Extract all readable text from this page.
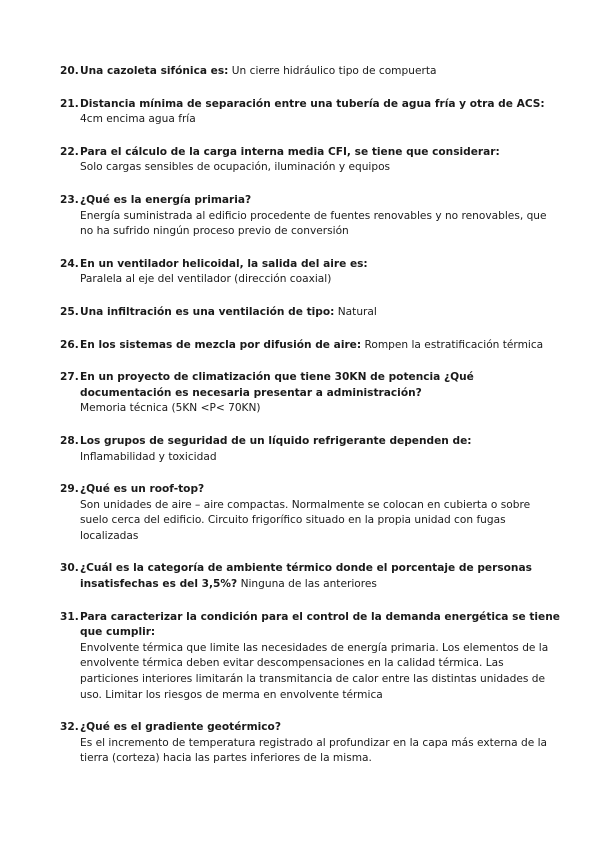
20. Una cazoleta sifónica es: Un cierre hidráulico tipo de compuerta
21. Distancia mínima de separación entre una tubería de agua fría y otra de ACS:
4cm encima agua fría
22. Para el cálculo de la carga interna media CFI, se tiene que considerar:
Solo cargas sensibles de ocupación, iluminación y equipos
23. ¿Qué es la energía primaria?
Energía suministrada al edificio procedente de fuentes renovables y no renovables, que no ha sufrido ningún proceso previo de conversión
24. En un ventilador helicoidal, la salida del aire es:
Paralela al eje del ventilador (dirección coaxial)
25. Una infiltración es una ventilación de tipo: Natural
26. En los sistemas de mezcla por difusión de aire: Rompen la estratificación térmica
27. En un proyecto de climatización que tiene 30KN de potencia ¿Qué documentación es necesaria presentar a administración?
Memoria técnica (5KN <P< 70KN)
28. Los grupos de seguridad de un líquido refrigerante dependen de:
Inflamabilidad y toxicidad
29. ¿Qué es un roof-top?
Son unidades de aire – aire compactas. Normalmente se colocan en cubierta o sobre suelo cerca del edificio. Circuito frigorífico situado en la propia unidad con fugas localizadas
30. ¿Cuál es la categoría de ambiente térmico donde el porcentaje de personas insatisfechas es del 3,5%? Ninguna de las anteriores
31. Para caracterizar la condición para el control de la demanda energética se tiene que cumplir:
Envolvente térmica que limite las necesidades de energía primaria. Los elementos de la envolvente térmica deben evitar descompensaciones en la calidad térmica. Las particiones interiores limitarán la transmitancia de calor entre las distintas unidades de uso. Limitar los riesgos de merma en envolvente térmica
32. ¿Qué es el gradiente geotérmico?
Es el incremento de temperatura registrado al profundizar en la capa más externa de la tierra (corteza) hacia las partes inferiores de la misma.
